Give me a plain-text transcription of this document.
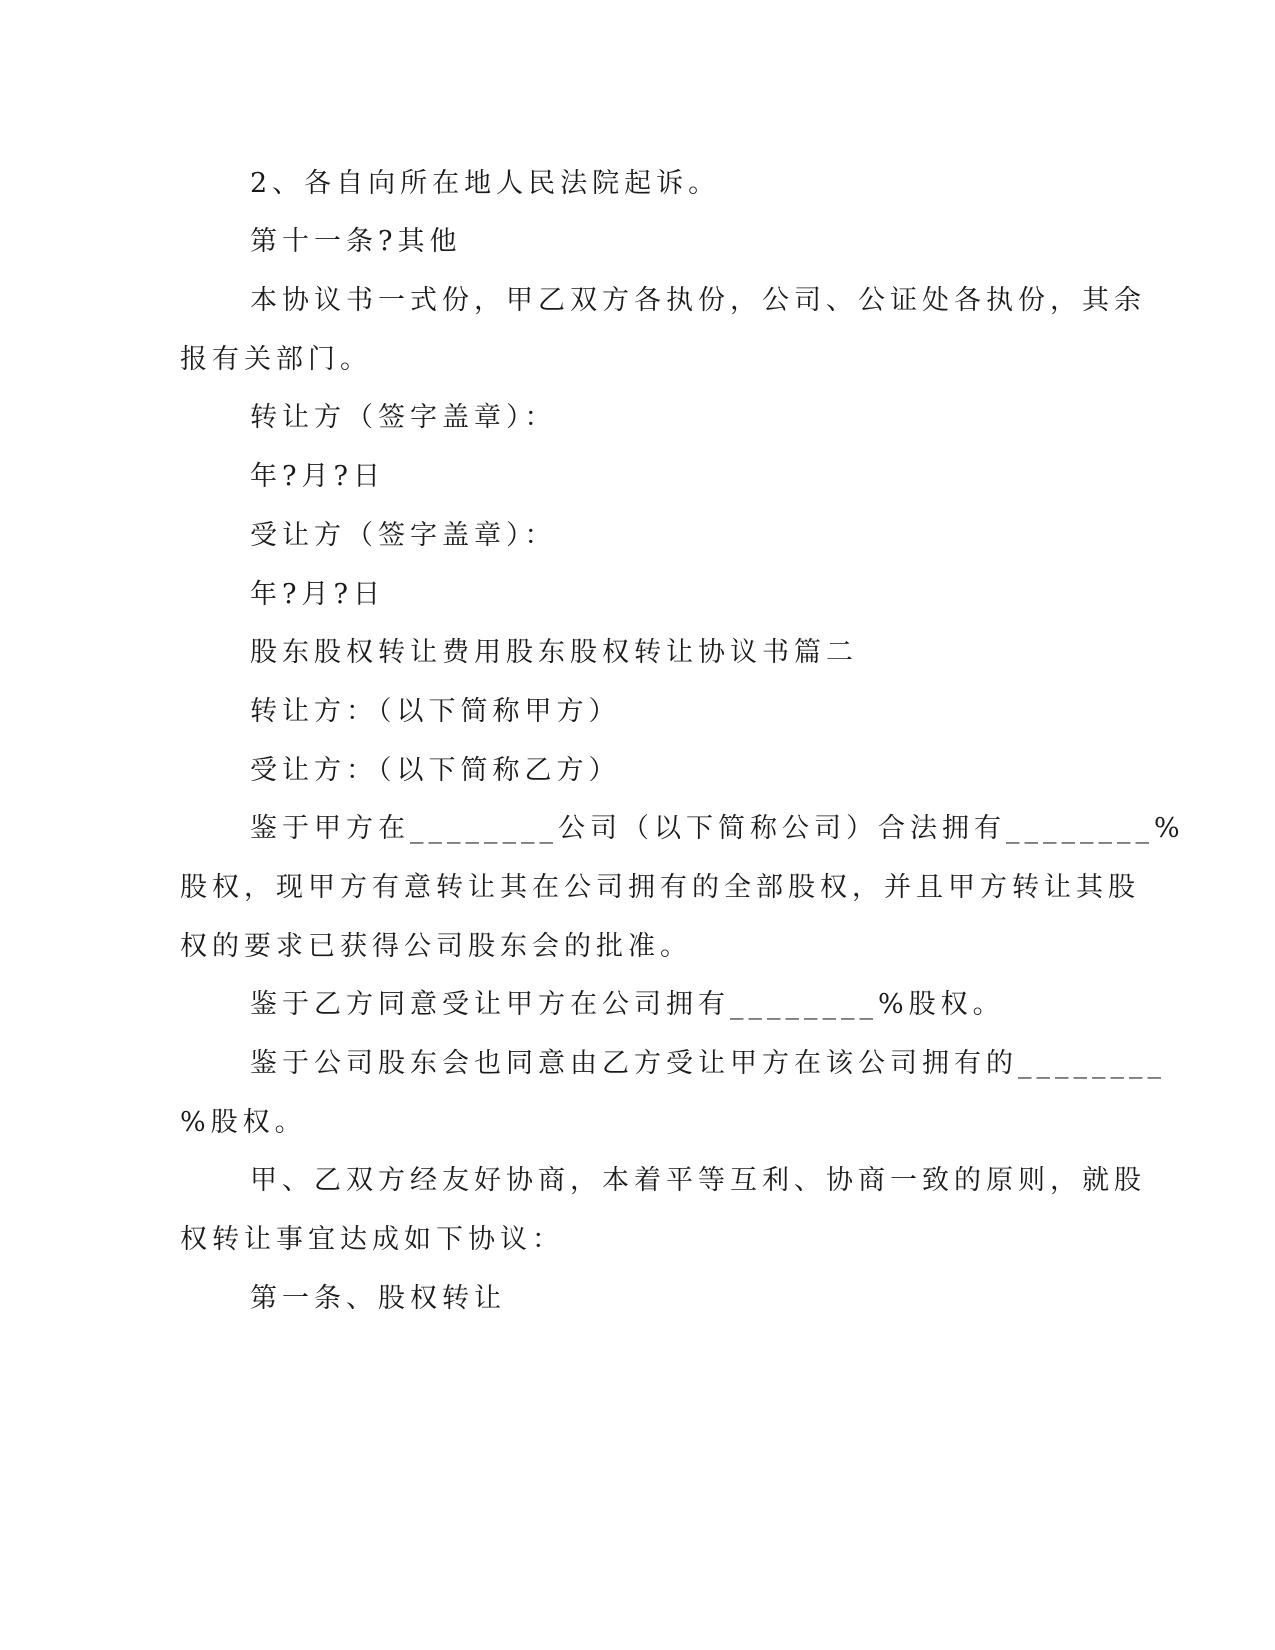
2、各自向所在地人民法院起诉。
第十一条?其他
本协议书一式份，甲乙双方各执份，公司、公证处各执份，其余
报有关部门。
转让方（签字盖章）：
年?月?日
受让方（签字盖章）：
年?月?日
股东股权转让费用股东股权转让协议书篇二
转让方：（以下简称甲方）
受让方：（以下简称乙方）
鉴于甲方在________公司（以下简称公司）合法拥有________%
股权，现甲方有意转让其在公司拥有的全部股权，并且甲方转让其股
权的要求已获得公司股东会的批准。
鉴于乙方同意受让甲方在公司拥有________%股权。
鉴于公司股东会也同意由乙方受让甲方在该公司拥有的________
%股权。
甲、乙双方经友好协商，本着平等互利、协商一致的原则，就股
权转让事宜达成如下协议：
第一条、股权转让
